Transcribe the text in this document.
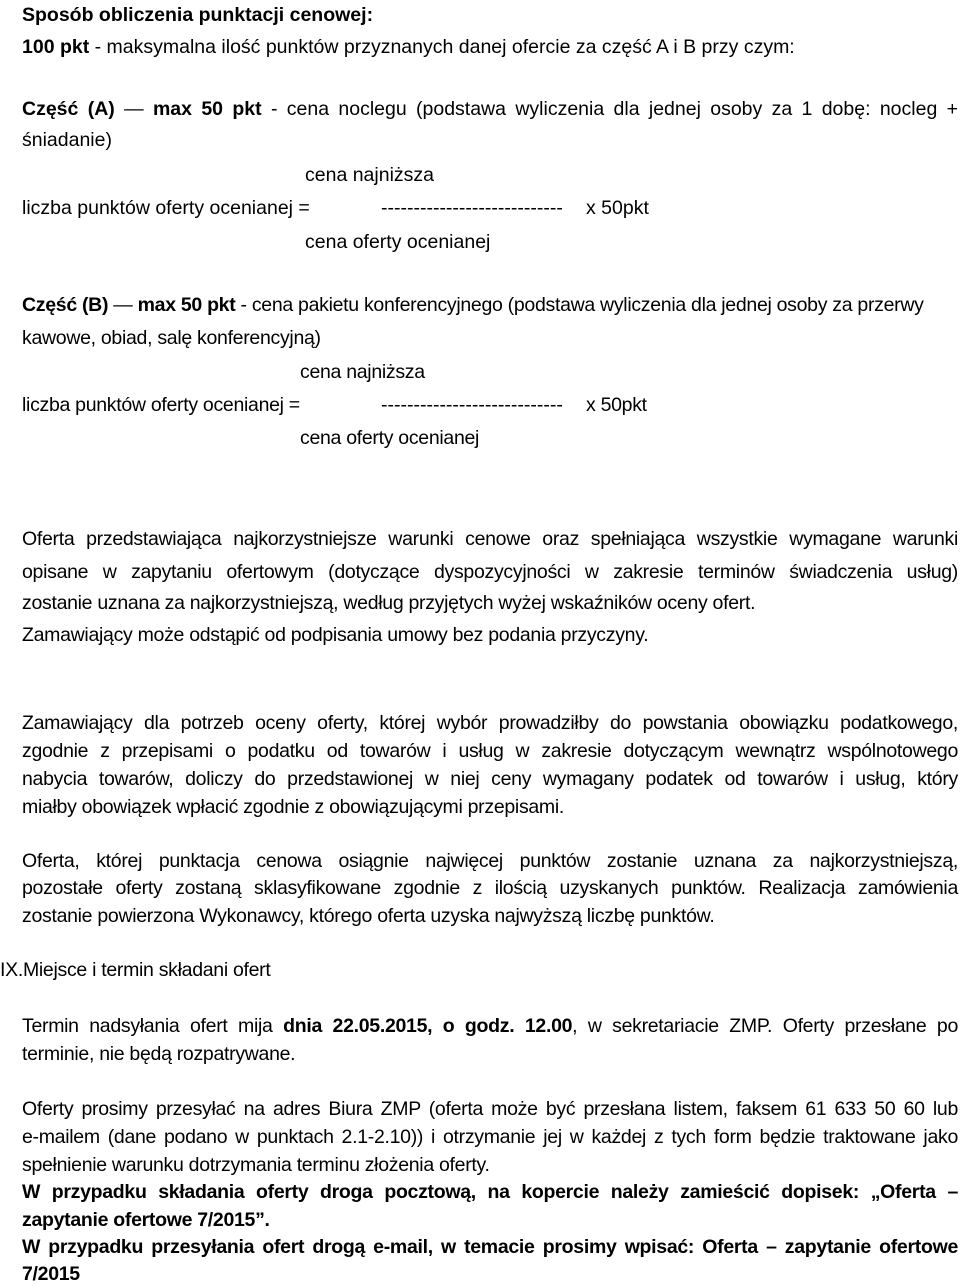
Sposób obliczenia punktacji cenowej:
100 pkt - maksymalna ilość punktów przyznanych danej ofercie za część A i B przy czym:
Część (A) — max 50 pkt - cena noclegu (podstawa wyliczenia dla jednej osoby za 1 dobę: nocleg +
śniadanie)
cena najniższa
liczba punktów oferty ocenianej =	---------------------------- x 50pkt
cena oferty ocenianej
Część (B) — max 50 pkt - cena pakietu konferencyjnego (podstawa wyliczenia dla jednej osoby za przerwy
kawowe, obiad, salę konferencyjną)
cena najniższa
liczba punktów oferty ocenianej =	---------------------------- x 50pkt
cena oferty ocenianej
Oferta przedstawiająca najkorzystniejsze warunki cenowe oraz spełniająca wszystkie wymagane warunki
opisane w zapytaniu ofertowym (dotyczące dyspozycyjności w zakresie terminów świadczenia usług)
zostanie uznana za najkorzystniejszą, według przyjętych wyżej wskaźników oceny ofert.
Zamawiający może odstąpić od podpisania umowy bez podania przyczyny.
Zamawiający dla potrzeb oceny oferty, której wybór prowadziłby do powstania obowiązku podatkowego,
zgodnie z przepisami o podatku od towarów i usług w zakresie dotyczącym wewnątrz wspólnotowego
nabycia towarów, doliczy do przedstawionej w niej ceny wymagany podatek od towarów i usług, który
miałby obowiązek wpłacić zgodnie z obowiązującymi przepisami.
Oferta, której punktacja cenowa osiągnie najwięcej punktów zostanie uznana za najkorzystniejszą,
pozostałe oferty zostaną sklasyfikowane zgodnie z ilością uzyskanych punktów. Realizacja zamówienia
zostanie powierzona Wykonawcy, którego oferta uzyska najwyższą liczbę punktów.
IX.Miejsce i termin składani ofert
Termin nadsyłania ofert mija dnia 22.05.2015, o godz. 12.00, w sekretariacie ZMP. Oferty przesłane po
terminie, nie będą rozpatrywane.
Oferty prosimy przesyłać na adres Biura ZMP (oferta może być przesłana listem, faksem 61 633 50 60 lub
e-mailem (dane podano w punktach 2.1-2.10)) i otrzymanie jej w każdej z tych form będzie traktowane jako
spełnienie warunku dotrzymania terminu złożenia oferty.
W przypadku składania oferty droga pocztową, na kopercie należy zamieścić dopisek: „Oferta –
zapytanie ofertowe 7/2015”.
W przypadku przesyłania ofert drogą e-mail, w temacie prosimy wpisać: Oferta – zapytanie ofertowe
7/2015
